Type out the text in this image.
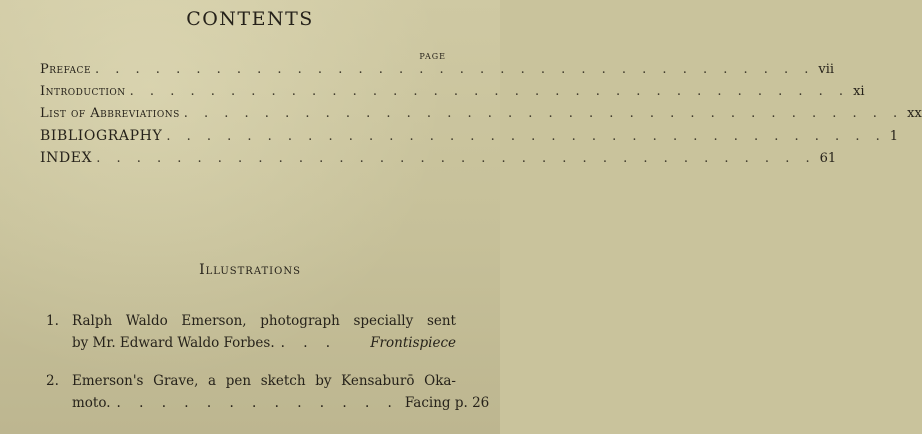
CONTENTS
PAGE
Preface . . . . . . . . . . . . . . . . . . . . . . . . . . . . . . . . . . . . vii
Introduction . . . . . . . . . . . . . . . . . . . . . . . . . . . . . . . . . . . . xi
List of Abbreviations . . . . . . . . . . . . . . . . . . . . . . . . . . . . . . . . . . . . xx
BIBLIOGRAPHY . . . . . . . . . . . . . . . . . . . . . . . . . . . . . . . . . . . . 1
INDEX . . . . . . . . . . . . . . . . . . . . . . . . . . . . . . . . . . . . 61
Illustrations
1. Ralph Waldo Emerson, photograph specially sent
by Mr. Edward Waldo Forbes. . . .	Frontispiece
2. Emerson's Grave, a pen sketch by Kensaburō Oka-
moto. . . . . . . . . . . . . . Facing p. 26
